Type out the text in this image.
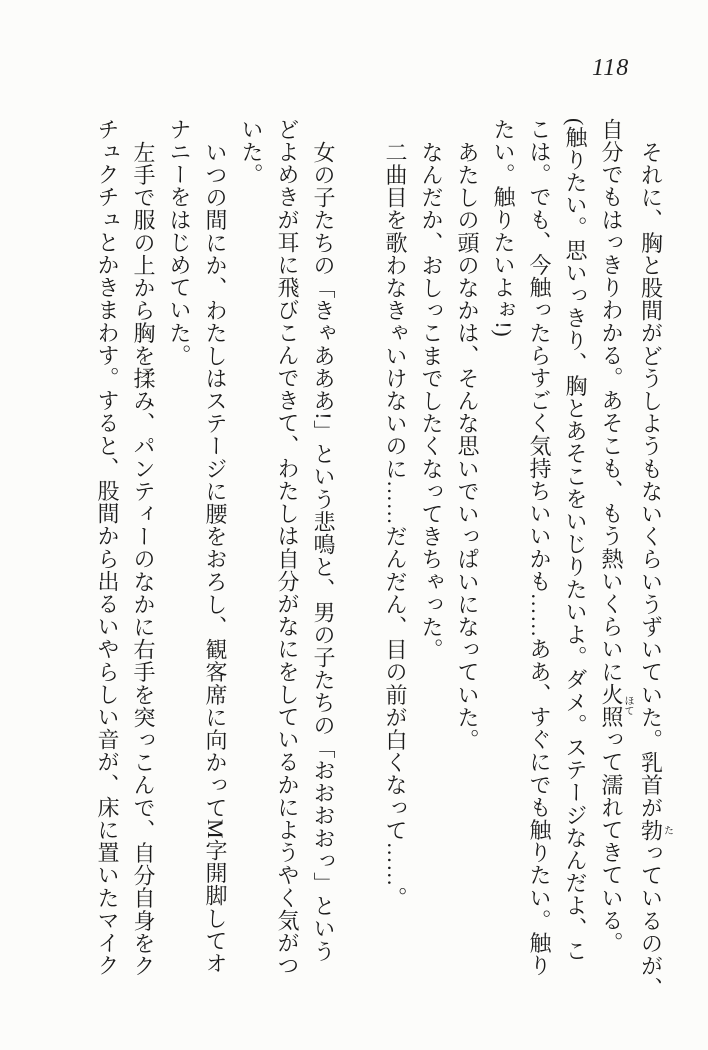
118
それに、胸と股間がどうしようもないくらいうずいていた。乳首が勃たっているのが、
自分でもはっきりわかる。あそこも、もう熱いくらいに火照ほてって濡れてきている。
(触りたい。思いっきり、胸とあそこをいじりたいよ。ダメ。ステージなんだよ、こ
こは。でも、今触ったらすごく気持ちいいかも……ああ、すぐにでも触りたい。触り
たい。触りたいよぉ!)
あたしの頭のなかは、そんな思いでいっぱいになっていた。
なんだか、おしっこまでしたくなってきちゃった。
二曲目を歌わなきゃいけないのに……だんだん、目の前が白くなって……。
女の子たちの「きゃあああ!」という悲鳴と、男の子たちの「おおおおっ」という
どよめきが耳に飛びこんできて、わたしは自分がなにをしているかにようやく気がつ
いた。
いつの間にか、わたしはステージに腰をおろし、観客席に向かってM字開脚してオ
ナニーをはじめていた。
左手で服の上から胸を揉み、パンティーのなかに右手を突っこんで、自分自身をク
チュクチュとかきまわす。すると、股間から出るいやらしい音が、床に置いたマイク
